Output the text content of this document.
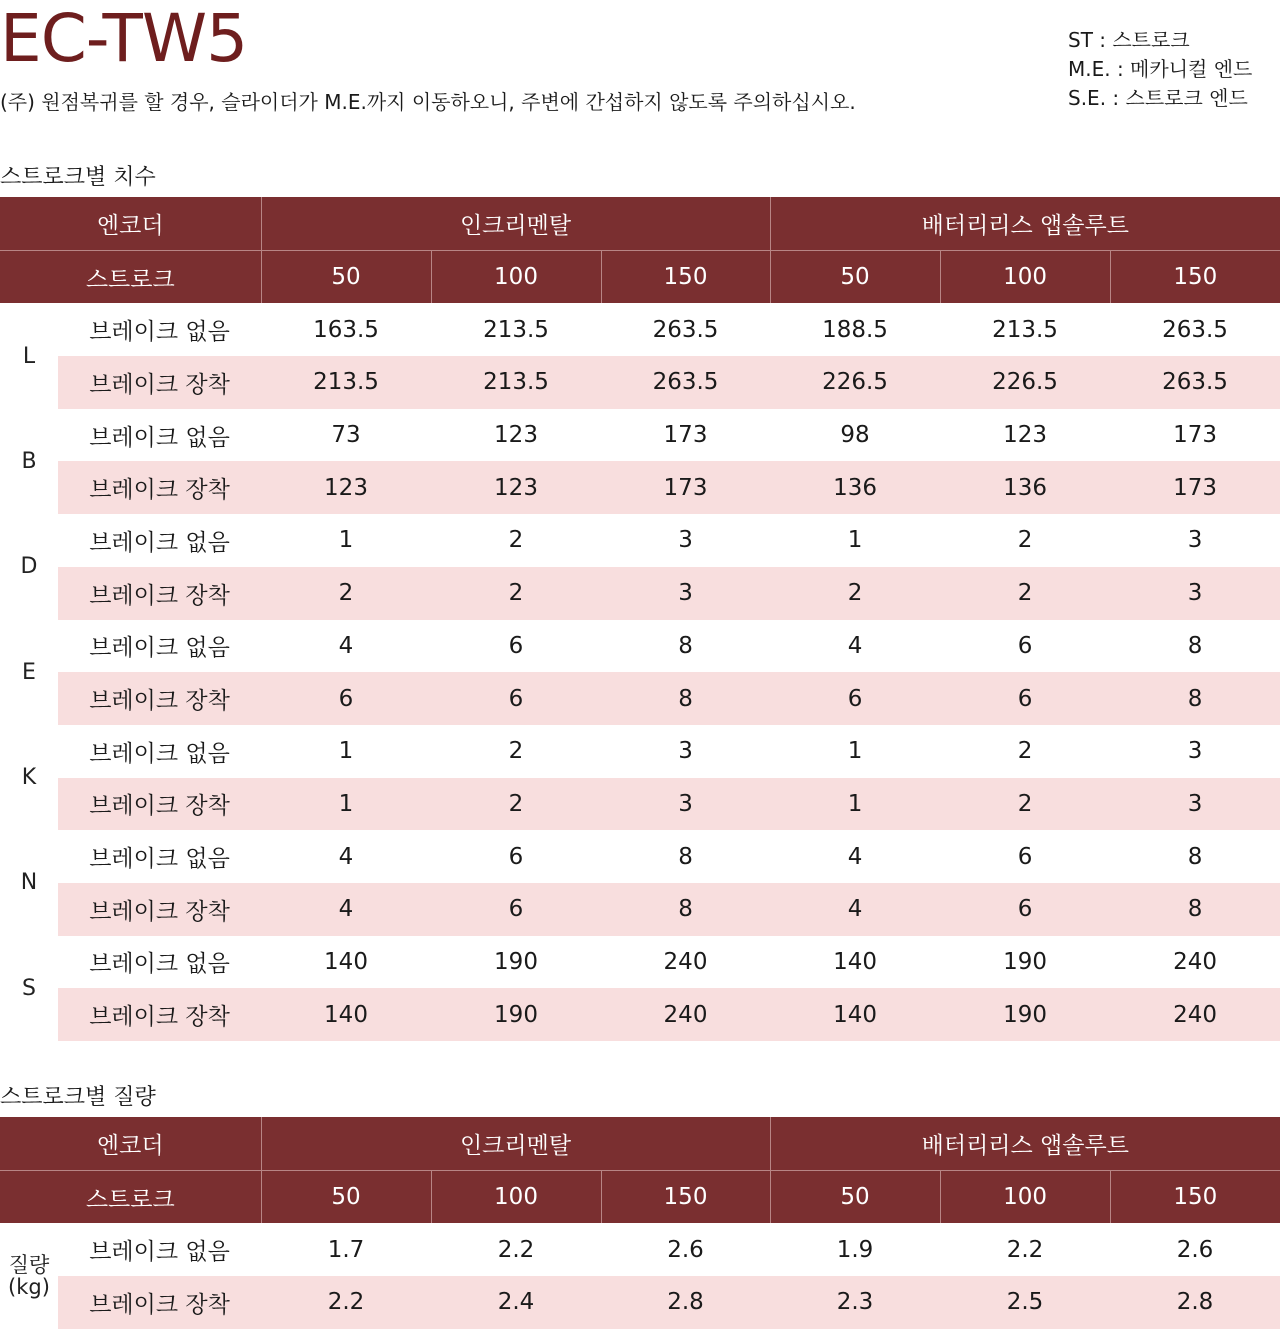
EC-TW5
(주) 원점복귀를 할 경우, 슬라이더가 M.E.까지 이동하오니, 주변에 간섭하지 않도록 주의하십시오.
ST : 스트로크
M.E. : 메카니컬 엔드
S.E. : 스트로크 엔드
스트로크별 치수
엔코더		인크리멘탈			배터리리스 앱솔루트		
스트로크		50	100	150	50	100	150
L	브레이크 없음	163.5	213.5	263.5	188.5	213.5	263.5
	브레이크 장착	213.5	213.5	263.5	226.5	226.5	263.5
B	브레이크 없음	73	123	173	98	123	173
	브레이크 장착	123	123	173	136	136	173
D	브레이크 없음	1	2	3	1	2	3
	브레이크 장착	2	2	3	2	2	3
E	브레이크 없음	4	6	8	4	6	8
	브레이크 장착	6	6	8	6	6	8
K	브레이크 없음	1	2	3	1	2	3
	브레이크 장착	1	2	3	1	2	3
N	브레이크 없음	4	6	8	4	6	8
	브레이크 장착	4	6	8	4	6	8
S	브레이크 없음	140	190	240	140	190	240
	브레이크 장착	140	190	240	140	190	240
스트로크별 질량
엔코더		인크리멘탈			배터리리스 앱솔루트		
스트로크		50	100	150	50	100	150

질량
(kg)	브레이크 없음	1.7	2.2	2.6	1.9	2.2	2.6
	브레이크 장착	2.2	2.4	2.8	2.3	2.5	2.8
